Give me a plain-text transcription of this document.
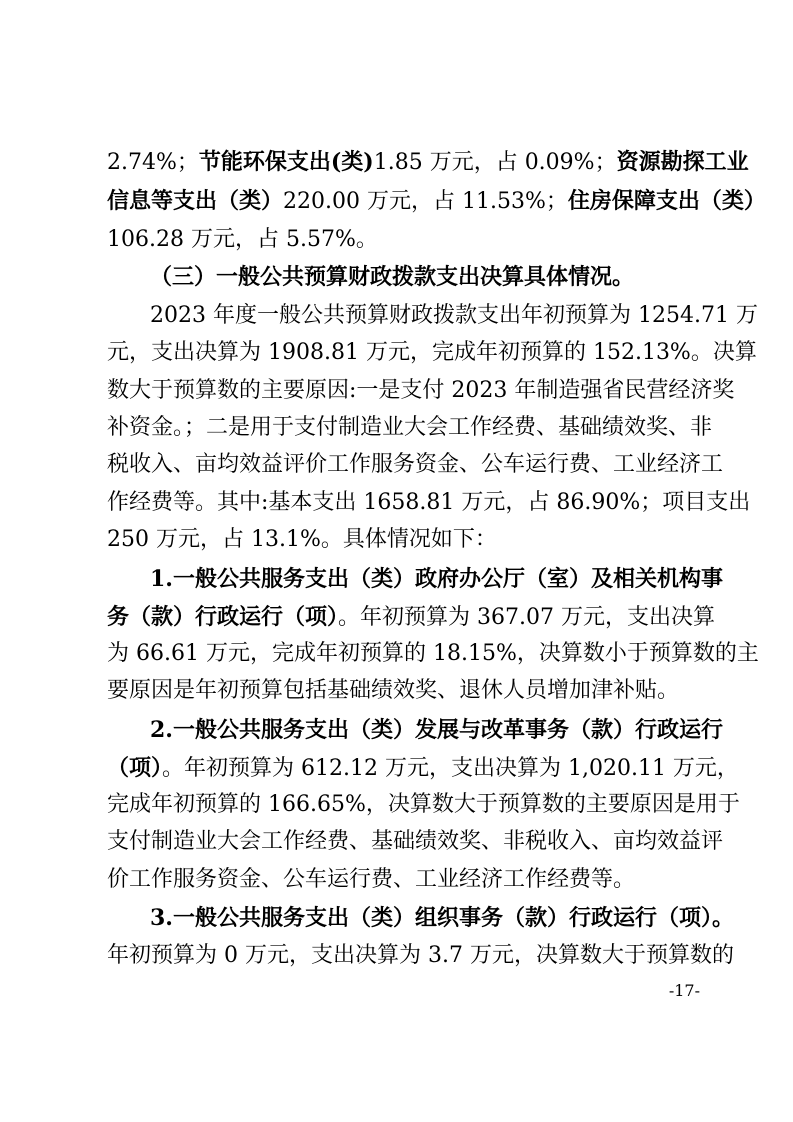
2.74%；节能环保支出(类)1.85 万元，占 0.09%；资源勘探工业
信息等支出（类）220.00 万元，占 11.53%；住房保障支出（类）
106.28 万元，占 5.57%。
（三）一般公共预算财政拨款支出决算具体情况。
2023 年度一般公共预算财政拨款支出年初预算为 1254.71 万
元，支出决算为 1908.81 万元，完成年初预算的 152.13%。决算
数大于预算数的主要原因:一是支付 2023 年制造强省民营经济奖
补资金。；二是用于支付制造业大会工作经费、基础绩效奖、非
税收入、亩均效益评价工作服务资金、公车运行费、工业经济工
作经费等。其中:基本支出 1658.81 万元，占 86.90%；项目支出
250 万元，占 13.1%。具体情况如下：
1.一般公共服务支出（类）政府办公厅（室）及相关机构事
务（款）行政运行（项）。年初预算为 367.07 万元，支出决算
为 66.61 万元，完成年初预算的 18.15%，决算数小于预算数的主
要原因是年初预算包括基础绩效奖、退休人员增加津补贴。
2.一般公共服务支出（类）发展与改革事务（款）行政运行
（项）。年初预算为 612.12 万元，支出决算为 1,020.11 万元，
完成年初预算的 166.65%，决算数大于预算数的主要原因是用于
支付制造业大会工作经费、基础绩效奖、非税收入、亩均效益评
价工作服务资金、公车运行费、工业经济工作经费等。
3.一般公共服务支出（类）组织事务（款）行政运行（项）。
年初预算为 0 万元，支出决算为 3.7 万元，决算数大于预算数的
-17-
